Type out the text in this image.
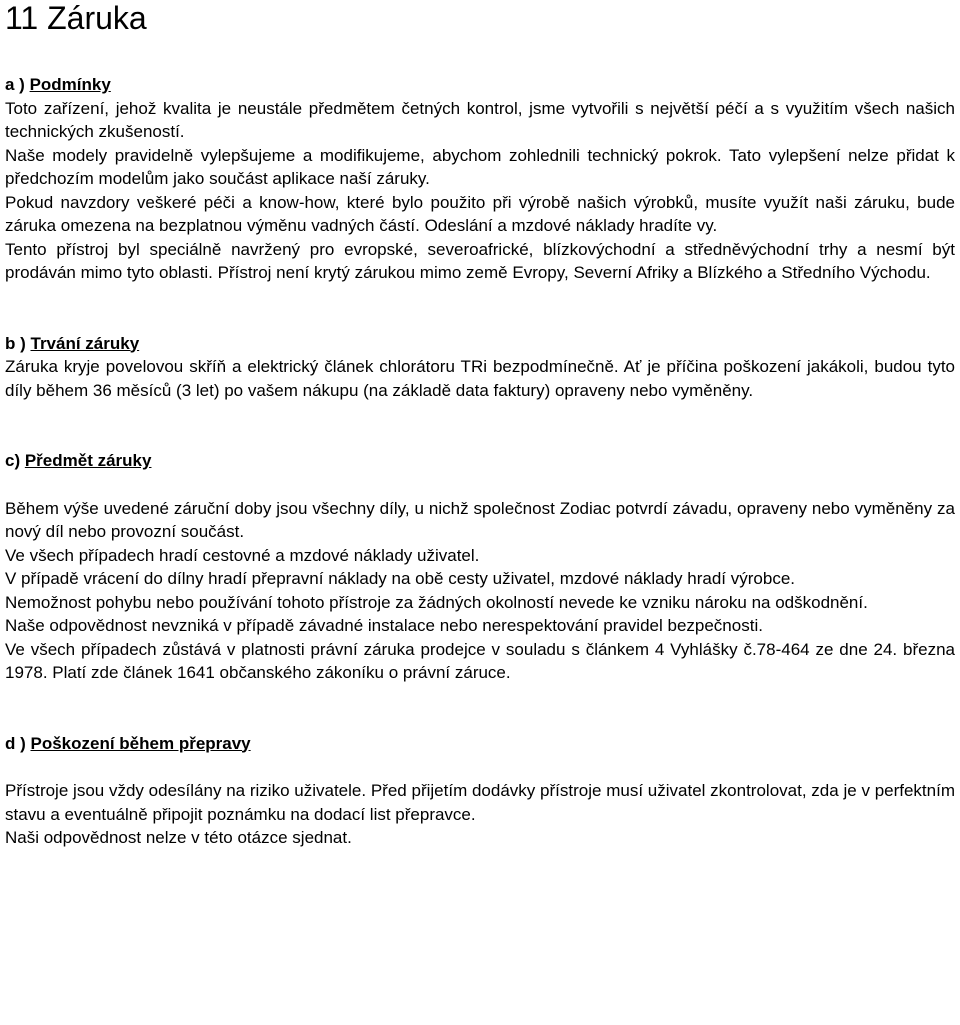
11 Záruka
a ) Podmínky

Toto zařízení, jehož kvalita je neustále předmětem četných kontrol, jsme vytvořili s největší péčí a s využitím všech našich technických zkušeností.

Naše modely pravidelně vylepšujeme a modifikujeme, abychom zohlednili technický pokrok. Tato vylepšení nelze přidat k předchozím modelům jako součást aplikace naší záruky.

Pokud navzdory veškeré péči a know-how, které bylo použito při výrobě našich výrobků, musíte využít naši záruku, bude záruka omezena na bezplatnou výměnu vadných částí. Odeslání a mzdové náklady hradíte vy.

Tento přístroj byl speciálně navržený pro evropské, severoafrické, blízkovýchodní a středněvýchodní trhy a nesmí být prodáván mimo tyto oblasti. Přístroj není krytý zárukou mimo země Evropy, Severní Afriky a Blízkého a Středního Východu.

b ) Trvání záruky

Záruka kryje povelovou skříň a elektrický článek chlorátoru TRi bezpodmínečně. Ať je příčina poškození jakákoli, budou tyto díly během 36 měsíců (3 let) po vašem nákupu (na základě data faktury) opraveny nebo vyměněny.

c) Předmět záruky

Během výše uvedené záruční doby jsou všechny díly, u nichž společnost Zodiac potvrdí závadu, opraveny nebo vyměněny za nový díl nebo provozní součást.

Ve všech případech hradí cestovné a mzdové náklady uživatel.

V případě vrácení do dílny hradí přepravní náklady na obě cesty uživatel, mzdové náklady hradí výrobce.

Nemožnost pohybu nebo používání tohoto přístroje za žádných okolností nevede ke vzniku nároku na odškodnění.

Naše odpovědnost nevzniká v případě závadné instalace nebo nerespektování pravidel bezpečnosti.

Ve všech případech zůstává v platnosti právní záruka prodejce v souladu s článkem 4 Vyhlášky č.78-464 ze dne 24. března 1978. Platí zde článek 1641 občanského zákoníku o právní záruce.

d ) Poškození během přepravy

Přístroje jsou vždy odesílány na riziko uživatele. Před přijetím dodávky přístroje musí uživatel zkontrolovat, zda je v perfektním stavu a eventuálně připojit poznámku na dodací list přepravce.

Naši odpovědnost nelze v této otázce sjednat.
